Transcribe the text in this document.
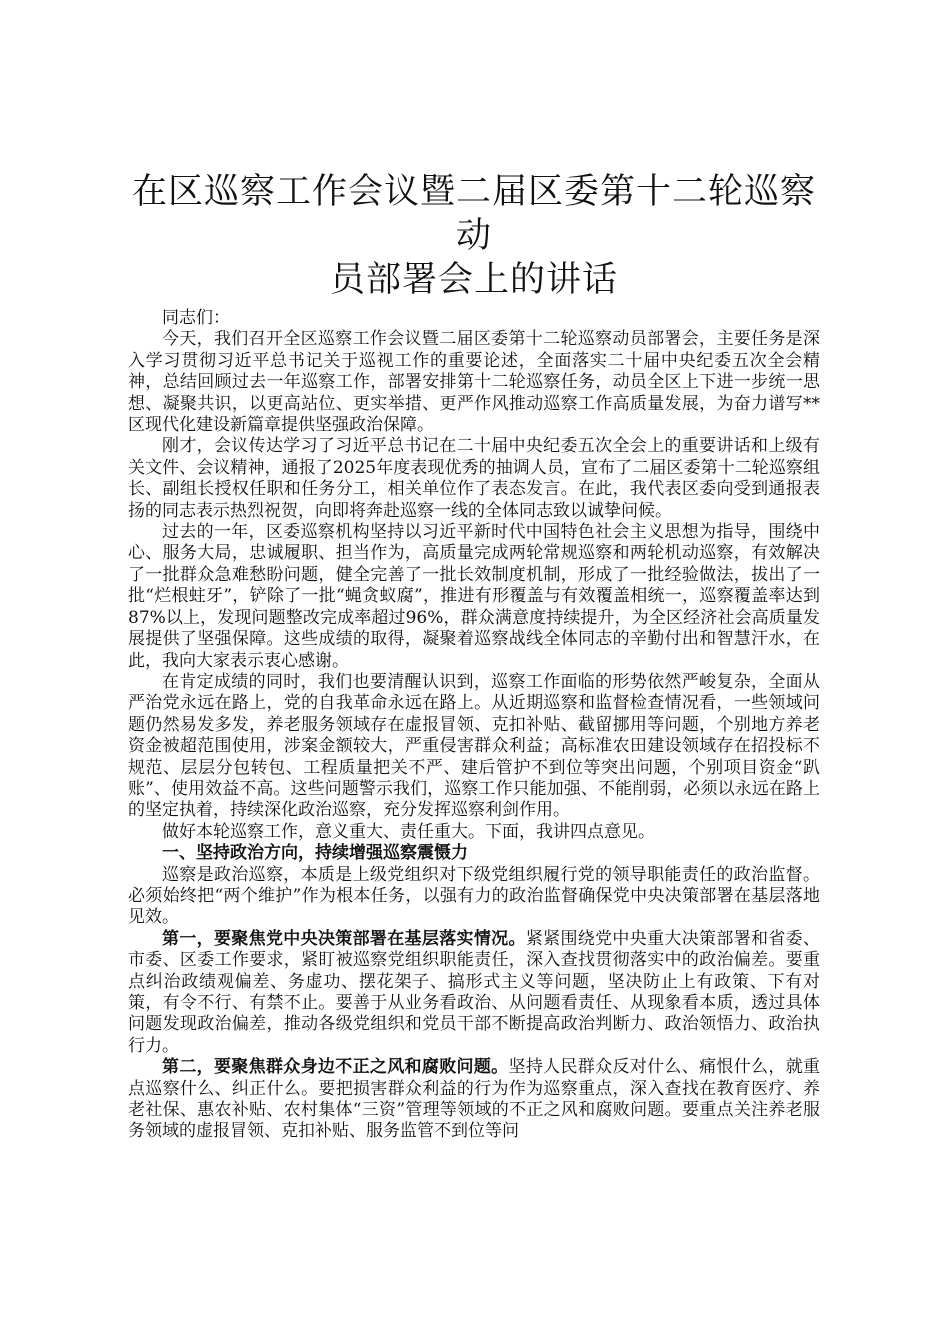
在区巡察工作会议暨二届区委第十二轮巡察动
员部署会上的讲话

同志们：

今天，我们召开全区巡察工作会议暨二届区委第十二轮巡察动员部署会，主要任务是深入学习贯彻习近平总书记关于巡视工作的重要论述，全面落实二十届中央纪委五次全会精神，总结回顾过去一年巡察工作，部署安排第十二轮巡察任务，动员全区上下进一步统一思想、凝聚共识，以更高站位、更实举措、更严作风推动巡察工作高质量发展，为奋力谱写**区现代化建设新篇章提供坚强政治保障。

刚才，会议传达学习了习近平总书记在二十届中央纪委五次全会上的重要讲话和上级有关文件、会议精神，通报了2025年度表现优秀的抽调人员，宣布了二届区委第十二轮巡察组长、副组长授权任职和任务分工，相关单位作了表态发言。在此，我代表区委向受到通报表扬的同志表示热烈祝贺，向即将奔赴巡察一线的全体同志致以诚挚问候。

过去的一年，区委巡察机构坚持以习近平新时代中国特色社会主义思想为指导，围绕中心、服务大局，忠诚履职、担当作为，高质量完成两轮常规巡察和两轮机动巡察，有效解决了一批群众急难愁盼问题，健全完善了一批长效制度机制，形成了一批经验做法，拔出了一批“烂根蛀牙”，铲除了一批“蝇贪蚁腐”，推进有形覆盖与有效覆盖相统一，巡察覆盖率达到87%以上，发现问题整改完成率超过96%，群众满意度持续提升，为全区经济社会高质量发展提供了坚强保障。这些成绩的取得，凝聚着巡察战线全体同志的辛勤付出和智慧汗水，在此，我向大家表示衷心感谢。

在肯定成绩的同时，我们也要清醒认识到，巡察工作面临的形势依然严峻复杂，全面从严治党永远在路上，党的自我革命永远在路上。从近期巡察和监督检查情况看，一些领域问题仍然易发多发，养老服务领域存在虚报冒领、克扣补贴、截留挪用等问题，个别地方养老资金被超范围使用，涉案金额较大，严重侵害群众利益；高标准农田建设领域存在招投标不规范、层层分包转包、工程质量把关不严、建后管护不到位等突出问题，个别项目资金“趴账”、使用效益不高。这些问题警示我们，巡察工作只能加强、不能削弱，必须以永远在路上的坚定执着，持续深化政治巡察，充分发挥巡察利剑作用。

做好本轮巡察工作，意义重大、责任重大。下面，我讲四点意见。

一、坚持政治方向，持续增强巡察震慑力

巡察是政治巡察，本质是上级党组织对下级党组织履行党的领导职能责任的政治监督。必须始终把“两个维护”作为根本任务，以强有力的政治监督确保党中央决策部署在基层落地见效。

第一，要聚焦党中央决策部署在基层落实情况。紧紧围绕党中央重大决策部署和省委、市委、区委工作要求，紧盯被巡察党组织职能责任，深入查找贯彻落实中的政治偏差。要重点纠治政绩观偏差、务虚功、摆花架子、搞形式主义等问题，坚决防止上有政策、下有对策，有令不行、有禁不止。要善于从业务看政治、从问题看责任、从现象看本质，透过具体问题发现政治偏差，推动各级党组织和党员干部不断提高政治判断力、政治领悟力、政治执行力。

第二，要聚焦群众身边不正之风和腐败问题。坚持人民群众反对什么、痛恨什么，就重点巡察什么、纠正什么。要把损害群众利益的行为作为巡察重点，深入查找在教育医疗、养老社保、惠农补贴、农村集体“三资”管理等领域的不正之风和腐败问题。要重点关注养老服务领域的虚报冒领、克扣补贴、服务监管不到位等问
